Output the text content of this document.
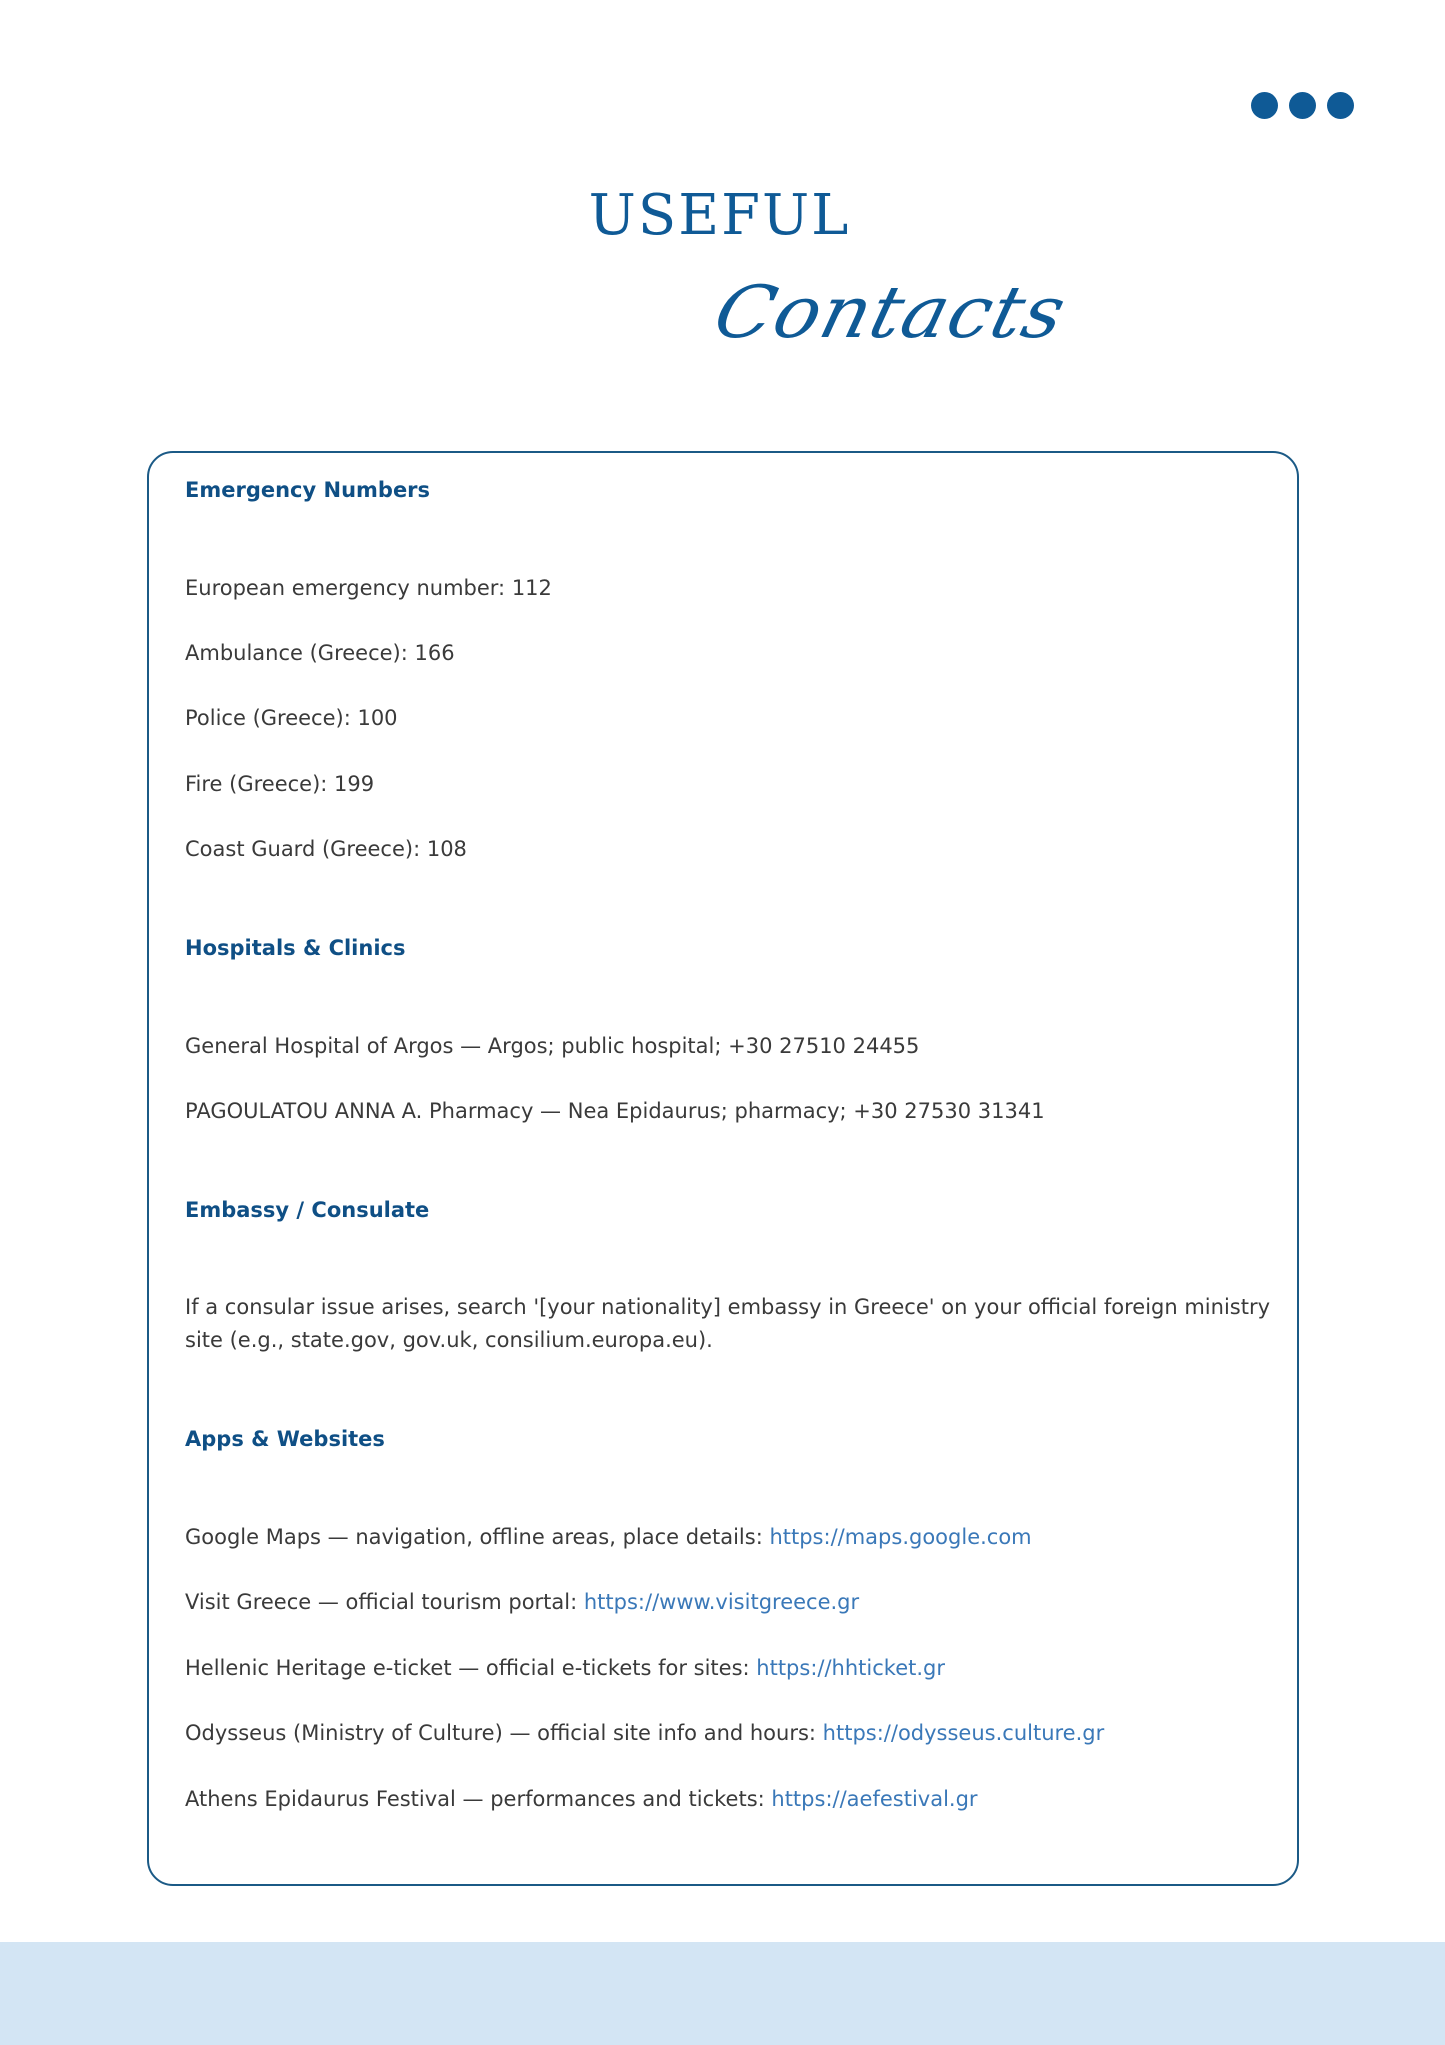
USEFUL
Contacts
Emergency Numbers
European emergency number: 112
Ambulance (Greece): 166
Police (Greece): 100
Fire (Greece): 199
Coast Guard (Greece): 108
Hospitals & Clinics
General Hospital of Argos — Argos; public hospital; +30 27510 24455
PAGOULATOU ANNA A. Pharmacy — Nea Epidaurus; pharmacy; +30 27530 31341
Embassy / Consulate
If a consular issue arises, search '[your nationality] embassy in Greece' on your official foreign ministry site (e.g., state.gov, gov.uk, consilium.europa.eu).
Apps & Websites
Google Maps — navigation, offline areas, place details: https://maps.google.com
Visit Greece — official tourism portal: https://www.visitgreece.gr
Hellenic Heritage e-ticket — official e-tickets for sites: https://hhticket.gr
Odysseus (Ministry of Culture) — official site info and hours: https://odysseus.culture.gr
Athens Epidaurus Festival — performances and tickets: https://aefestival.gr
